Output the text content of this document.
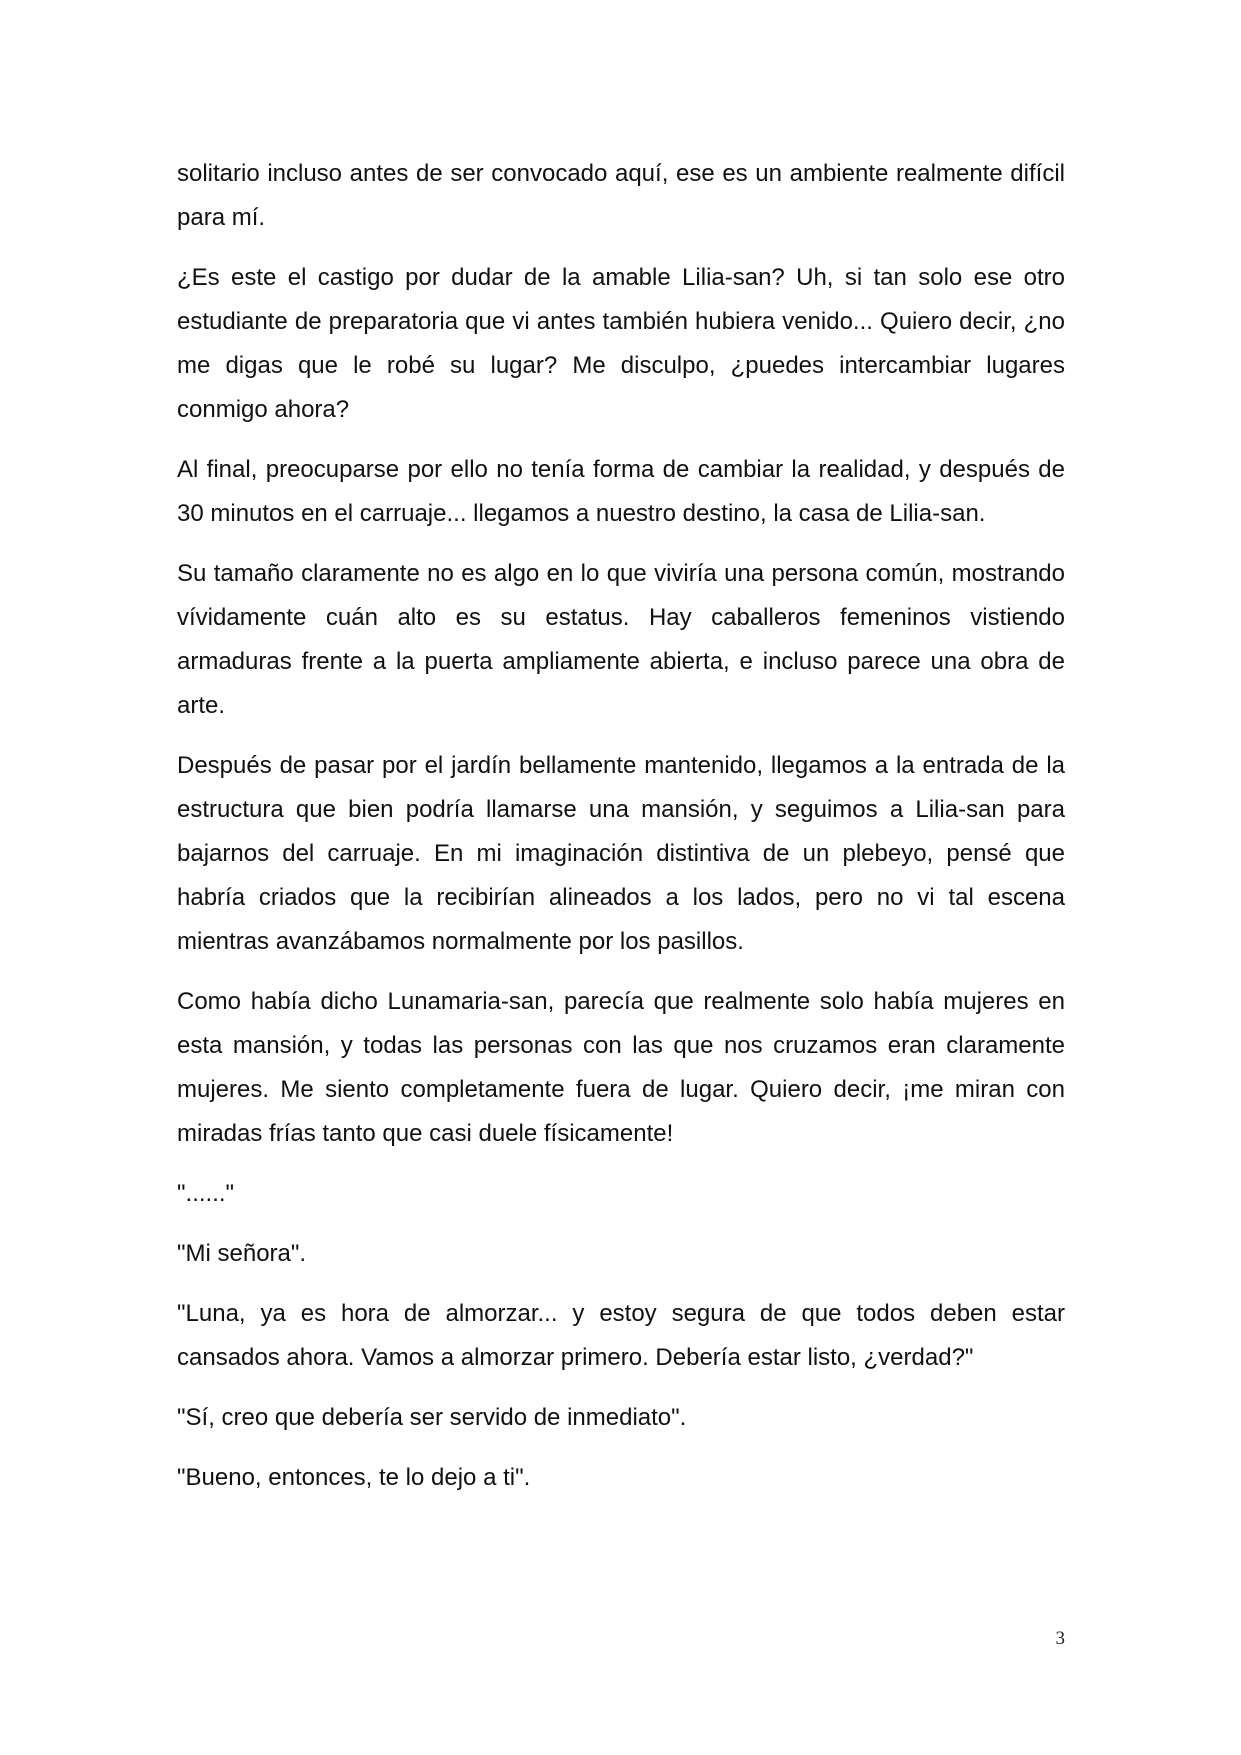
solitario incluso antes de ser convocado aquí, ese es un ambiente realmente difícil para mí.

¿Es este el castigo por dudar de la amable Lilia-san? Uh, si tan solo ese otro estudiante de preparatoria que vi antes también hubiera venido... Quiero decir, ¿no me digas que le robé su lugar? Me disculpo, ¿puedes intercambiar lugares conmigo ahora?

Al final, preocuparse por ello no tenía forma de cambiar la realidad, y después de 30 minutos en el carruaje... llegamos a nuestro destino, la casa de Lilia-san.

Su tamaño claramente no es algo en lo que viviría una persona común, mostrando vívidamente cuán alto es su estatus. Hay caballeros femeninos vistiendo armaduras frente a la puerta ampliamente abierta, e incluso parece una obra de arte.

Después de pasar por el jardín bellamente mantenido, llegamos a la entrada de la estructura que bien podría llamarse una mansión, y seguimos a Lilia-san para bajarnos del carruaje. En mi imaginación distintiva de un plebeyo, pensé que habría criados que la recibirían alineados a los lados, pero no vi tal escena mientras avanzábamos normalmente por los pasillos.

Como había dicho Lunamaria-san, parecía que realmente solo había mujeres en esta mansión, y todas las personas con las que nos cruzamos eran claramente mujeres. Me siento completamente fuera de lugar. Quiero decir, ¡me miran con miradas frías tanto que casi duele físicamente!

"......"

"Mi señora".

"Luna, ya es hora de almorzar... y estoy segura de que todos deben estar cansados ahora. Vamos a almorzar primero. Debería estar listo, ¿verdad?"

"Sí, creo que debería ser servido de inmediato".

"Bueno, entonces, te lo dejo a ti".

3
